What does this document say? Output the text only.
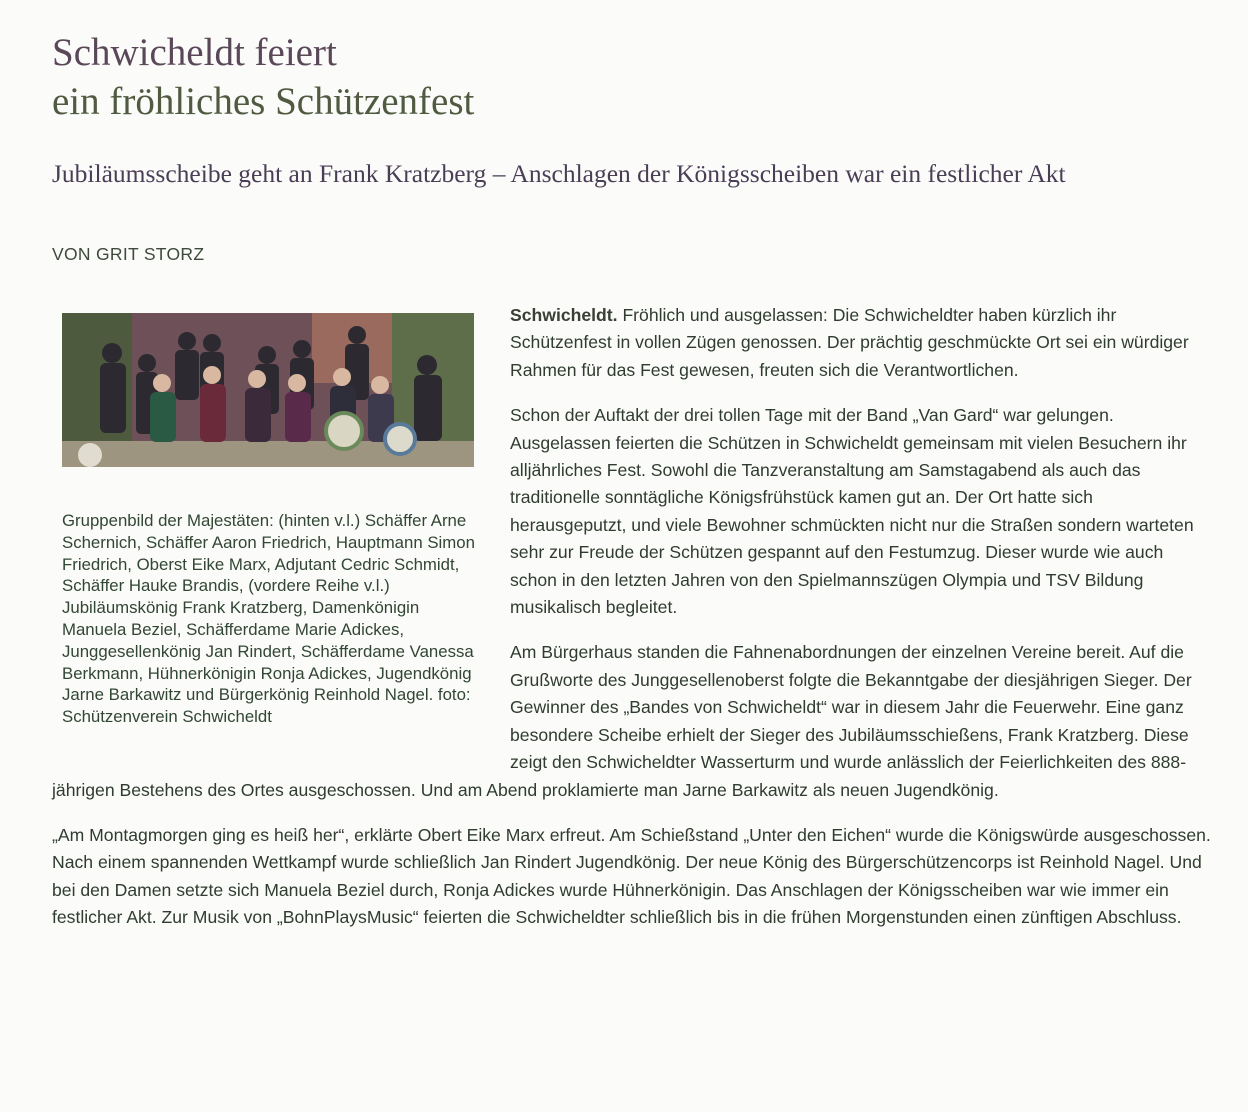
Schwicheldt feiert
ein fröhliches Schützenfest
Jubiläumsscheibe geht an Frank Kratzberg – Anschlagen der Königsscheiben war ein festlicher Akt
VON GRIT STORZ

Gruppenbild der Majestäten: (hinten v.l.) Schäffer Arne Schernich, Schäffer Aaron Friedrich, Hauptmann Simon Friedrich, Oberst Eike Marx, Adjutant Cedric Schmidt, Schäffer Hauke Brandis, (vordere Reihe v.l.) Jubiläumskönig Frank Kratzberg, Damenkönigin Manuela Beziel, Schäfferdame Marie Adickes, Junggesellenkönig Jan Rindert, Schäfferdame Vanessa Berkmann, Hühnerkönigin Ronja Adickes, Jugendkönig Jarne Barkawitz und Bürgerkönig Reinhold Nagel. foto: Schützenverein Schwicheldt

Schwicheldt. Fröhlich und ausgelassen: Die Schwicheldter haben kürzlich ihr Schützenfest in vollen Zügen genossen. Der prächtig geschmückte Ort sei ein würdiger Rahmen für das Fest gewesen, freuten sich die Verantwortlichen.

Schon der Auftakt der drei tollen Tage mit der Band „Van Gard“ war gelungen. Ausgelassen feierten die Schützen in Schwicheldt gemeinsam mit vielen Besuchern ihr alljährliches Fest. Sowohl die Tanzveranstaltung am Samstagabend als auch das traditionelle sonntägliche Königsfrühstück kamen gut an. Der Ort hatte sich herausgeputzt, und viele Bewohner schmückten nicht nur die Straßen sondern warteten sehr zur Freude der Schützen gespannt auf den Festumzug. Dieser wurde wie auch schon in den letzten Jahren von den Spielmannszügen Olympia und TSV Bildung musikalisch begleitet.

Am Bürgerhaus standen die Fahnenabordnungen der einzelnen Vereine bereit. Auf die Grußworte des Junggesellenoberst folgte die Bekanntgabe der diesjährigen Sieger. Der Gewinner des „Bandes von Schwicheldt“ war in diesem Jahr die Feuerwehr. Eine ganz besondere Scheibe erhielt der Sieger des Jubiläumsschießens, Frank Kratzberg. Diese zeigt den Schwicheldter Wasserturm und wurde anlässlich der Feierlichkeiten des 888-jährigen Bestehens des Ortes ausgeschossen. Und am Abend proklamierte man Jarne Barkawitz als neuen Jugendkönig.

„Am Montagmorgen ging es heiß her“, erklärte Obert Eike Marx erfreut. Am Schießstand „Unter den Eichen“ wurde die Königswürde ausgeschossen. Nach einem spannenden Wettkampf wurde schließlich Jan Rindert Jugendkönig. Der neue König des Bürgerschützencorps ist Reinhold Nagel. Und bei den Damen setzte sich Manuela Beziel durch, Ronja Adickes wurde Hühnerkönigin. Das Anschlagen der Königsscheiben war wie immer ein festlicher Akt. Zur Musik von „BohnPlaysMusic“ feierten die Schwicheldter schließlich bis in die frühen Morgenstunden einen zünftigen Abschluss.
